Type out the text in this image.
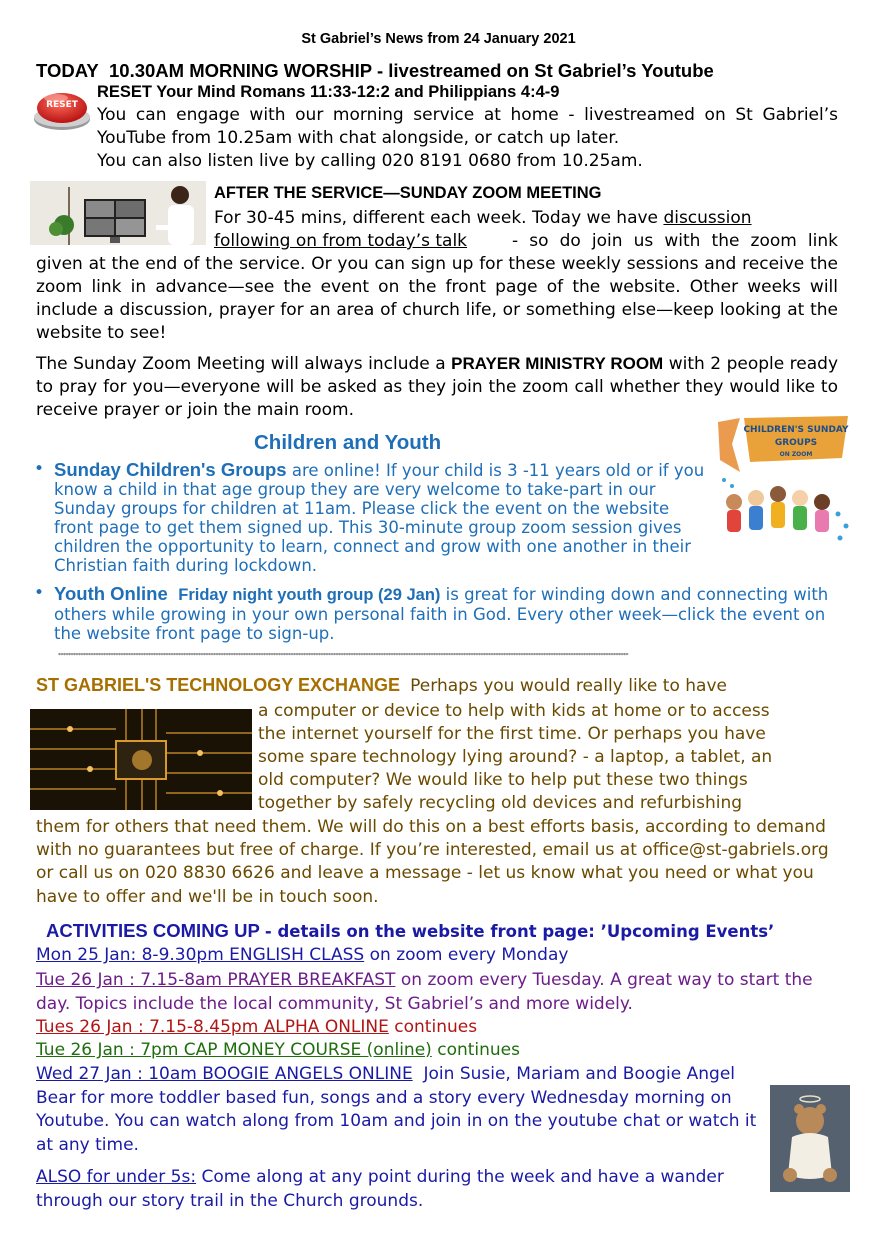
St Gabriel’s News from 24 January 2021
TODAY 10.30AM MORNING WORSHIP - livestreamed on St Gabriel’s Youtube
RESET
RESET Your Mind Romans 11:33-12:2 and Philippians 4:4-9
You can engage with our morning service at home - livestreamed on St Gabriel’s YouTube from 10.25am with chat alongside, or catch up later.
You can also listen live by calling 020 8191 0680 from 10.25am.
AFTER THE SERVICE—SUNDAY ZOOM MEETING
For 30-45 mins, different each week. Today we have discussion
following on from today’s talk	- so do join us with the zoom link given at the end of the service. Or you can sign up for these weekly sessions and receive the zoom link in advance—see the event on the front page of the website. Other weeks will include a discussion, prayer for an area of church life, or something else—keep looking at the website to see!
The Sunday Zoom Meeting will always include a PRAYER MINISTRY ROOM with 2 people ready to pray for you—everyone will be asked as they join the zoom call whether they would like to receive prayer or join the main room.
Children and Youth
CHILDREN'S SUNDAY
GROUPS
ON ZOOM
• Sunday Children's Groups are online! If your child is 3 -11 years old or if you know a child in that age group they are very welcome to take-part in our Sunday groups for children at 11am. Please click the event on the website front page to get them signed up. This 30-minute group zoom session gives children the opportunity to learn, connect and grow with one another in their Christian faith during lockdown.
• Youth Online Friday night youth group (29 Jan) is great for winding down and connecting with others while growing in your own personal faith in God. Every other week—click the event on the website front page to sign-up.
************************************************************************************************************************************************************************************************************************************
ST GABRIEL'S TECHNOLOGY EXCHANGE Perhaps you would really like to have
a computer or device to help with kids at home or to access
the internet yourself for the first time. Or perhaps you have
some spare technology lying around? - a laptop, a tablet, an
old computer? We would like to help put these two things
together by safely recycling old devices and refurbishing
them for others that need them. We will do this on a best efforts basis, according to demand with no guarantees but free of charge. If you’re interested, email us at office@st-gabriels.org or call us on 020 8830 6626 and leave a message - let us know what you need or what you have to offer and we'll be in touch soon.
ACTIVITIES COMING UP - details on the website front page: ’Upcoming Events’
Mon 25 Jan: 8-9.30pm ENGLISH CLASS on zoom every Monday
Tue 26 Jan : 7.15-8am PRAYER BREAKFAST on zoom every Tuesday. A great way to start the day. Topics include the local community, St Gabriel’s and more widely.
Tues 26 Jan : 7.15-8.45pm ALPHA ONLINE continues
Tue 26 Jan : 7pm CAP MONEY COURSE (online) continues
Wed 27 Jan : 10am BOOGIE ANGELS ONLINE Join Susie, Mariam and Boogie Angel Bear for more toddler based fun, songs and a story every Wednesday morning on Youtube. You can watch along from 10am and join in on the youtube chat or watch it at any time.
ALSO for under 5s: Come along at any point during the week and have a wander through our story trail in the Church grounds.
